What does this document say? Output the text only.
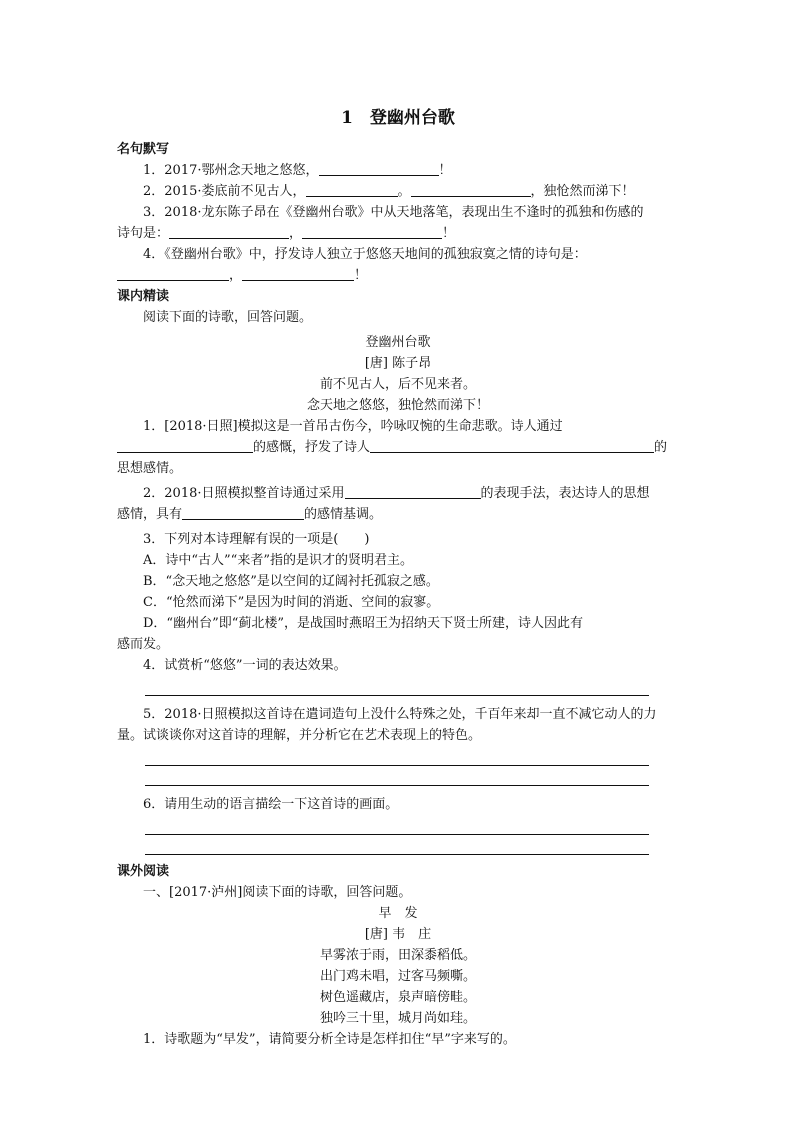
1　登幽州台歌
名句默写
1．2017·鄂州念天地之悠悠，	！
2．2015·娄底前不见古人，	。	，独怆然而涕下！
3．2018·龙东陈子昂在《登幽州台歌》中从天地落笔，表现出生不逢时的孤独和伤感的
诗句是：	，	！
4．《登幽州台歌》中，抒发诗人独立于悠悠天地间的孤独寂寞之情的诗句是：
，	！
课内精读
阅读下面的诗歌，回答问题。
登幽州台歌
[唐] 陈子昂
前不见古人，后不见来者。
念天地之悠悠，独怆然而涕下！
1．[2018·日照]模拟这是一首吊古伤今，吟咏叹惋的生命悲歌。诗人通过
的感慨，抒发了诗人	的
思想感情。
2．2018·日照模拟整首诗通过采用	的表现手法，表达诗人的思想
感情，具有	的感情基调。
3．下列对本诗理解有误的一项是(　　)
A．诗中“古人”“来者”指的是识才的贤明君主。
B．“念天地之悠悠”是以空间的辽阔衬托孤寂之感。
C．“怆然而涕下”是因为时间的消逝、空间的寂寥。
D．“幽州台”即“蓟北楼”，是战国时燕昭王为招纳天下贤士所建，诗人因此有
感而发。
4．试赏析“悠悠”一词的表达效果。
5．2018·日照模拟这首诗在遣词造句上没什么特殊之处，千百年来却一直不减它动人的力量。试谈谈你对这首诗的理解，并分析它在艺术表现上的特色。
6．请用生动的语言描绘一下这首诗的画面。
课外阅读
一、[2017·泸州]阅读下面的诗歌，回答问题。
早　发
[唐] 韦　庄
早雾浓于雨，田深黍稻低。
出门鸡未唱，过客马频嘶。
树色遥藏店，泉声暗傍畦。
独吟三十里，城月尚如珪。
1．诗歌题为“早发”，请简要分析全诗是怎样扣住“早”字来写的。
